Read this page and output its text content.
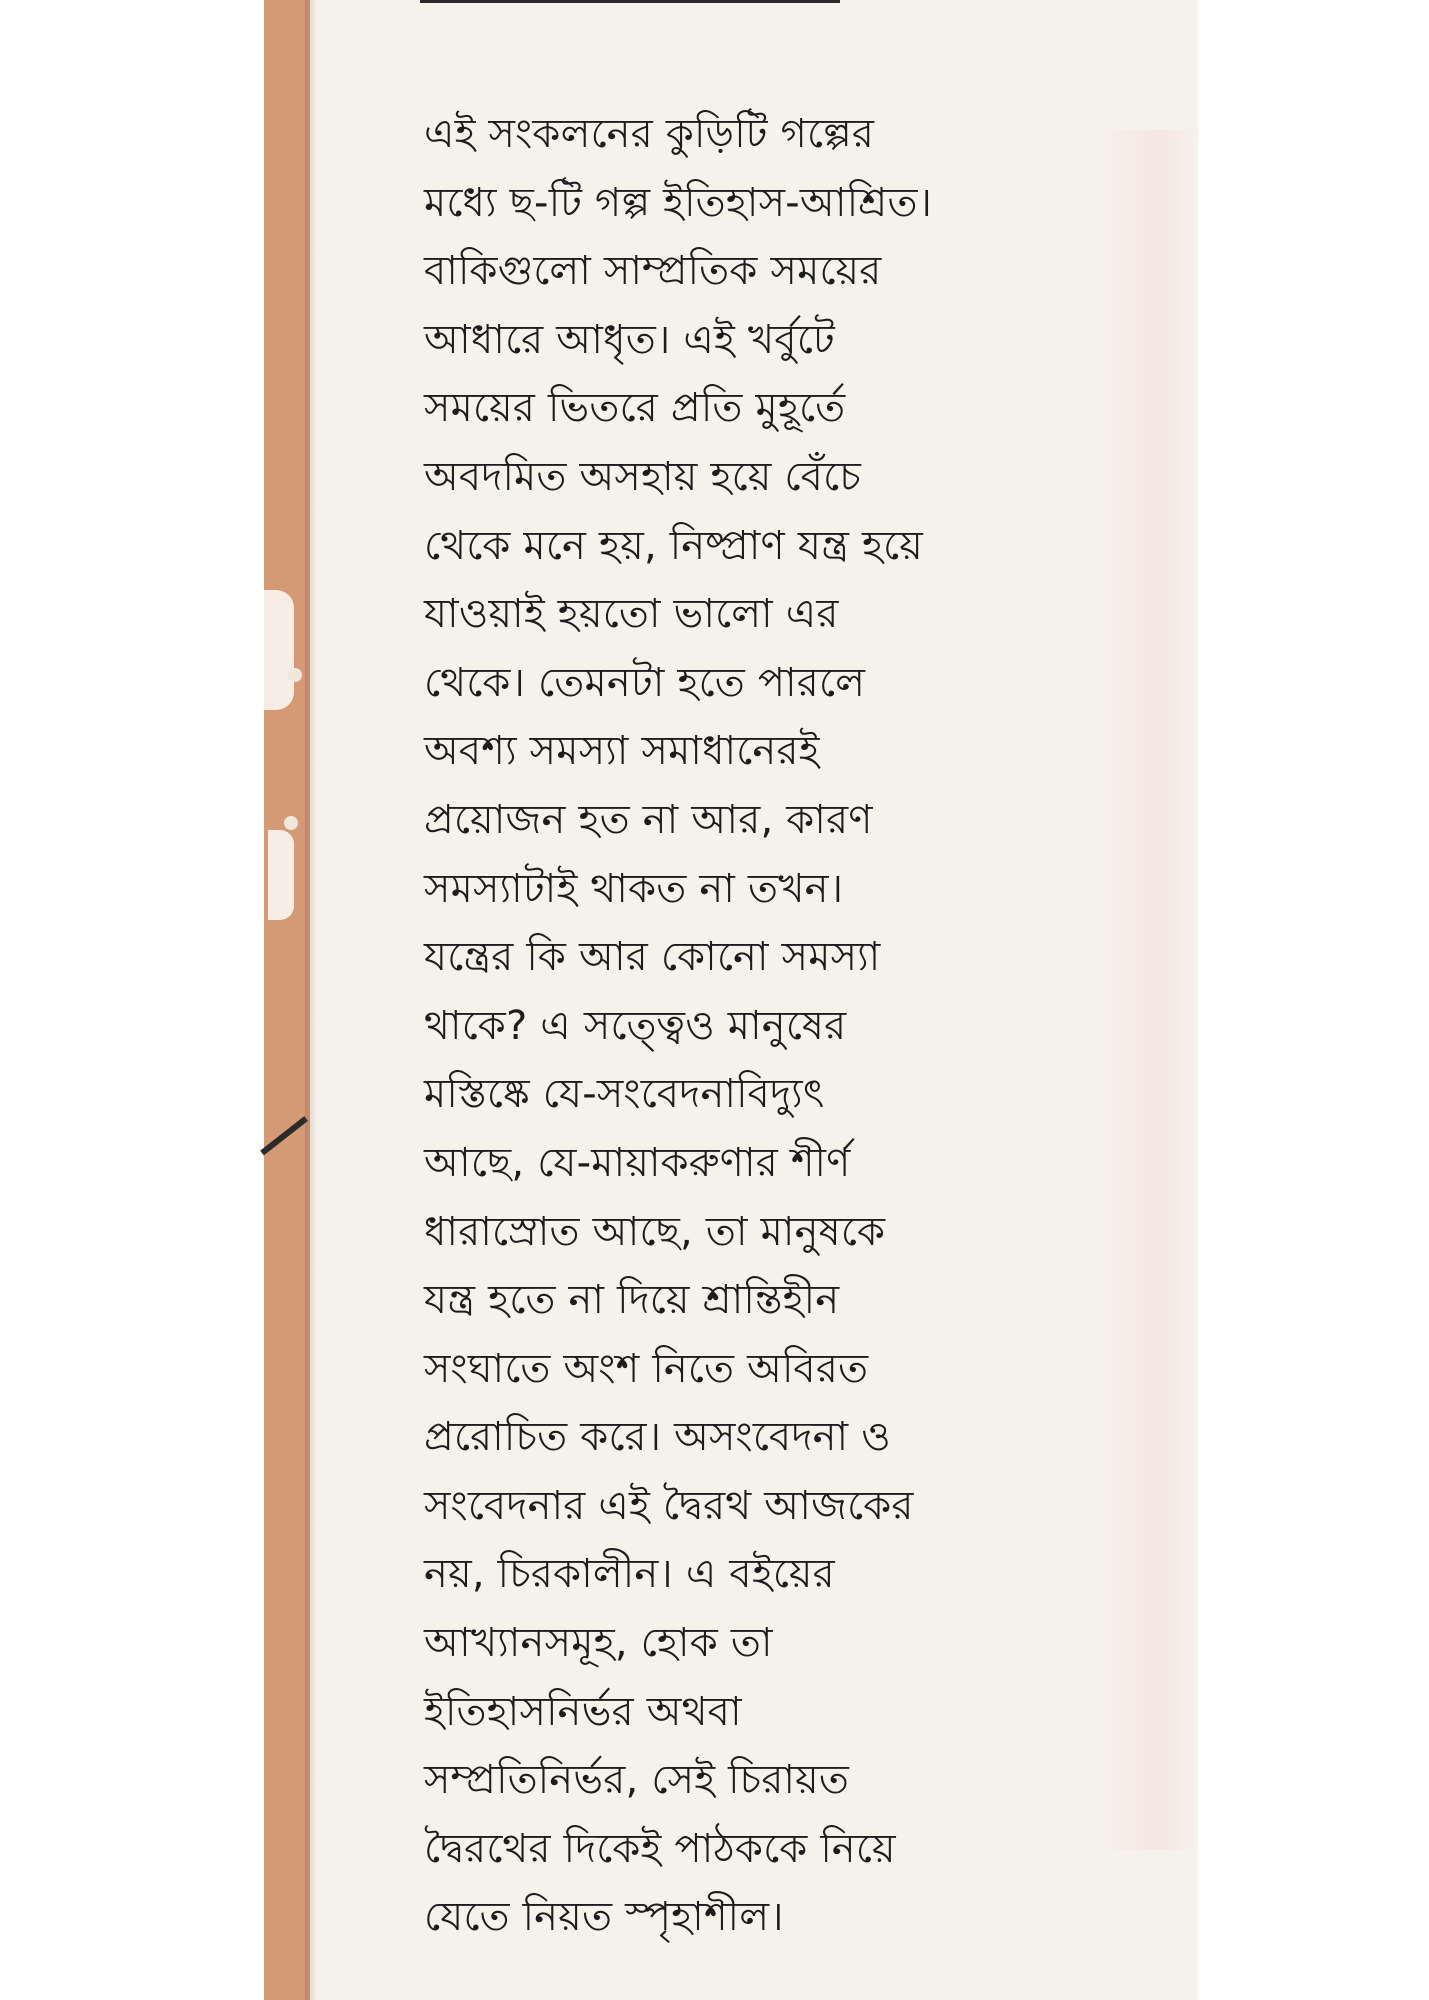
এই সংকলনের কুড়িটি গল্পের
মধ্যে ছ-টি গল্প ইতিহাস-আশ্রিত।
বাকিগুলো সাম্প্রতিক সময়ের
আধারে আধৃত। এই খর্বুটে
সময়ের ভিতরে প্রতি মুহূর্তে
অবদমিত অসহায় হয়ে বেঁচে
থেকে মনে হয়, নিষ্প্রাণ যন্ত্র হয়ে
যাওয়াই হয়তো ভালো এর
থেকে। তেমনটা হতে পারলে
অবশ্য সমস্যা সমাধানেরই
প্রয়োজন হত না আর, কারণ
সমস্যাটাই থাকত না তখন।
যন্ত্রের কি আর কোনো সমস্যা
থাকে? এ সত্ত্বেও মানুষের
মস্তিষ্কে যে-সংবেদনাবিদ্যুৎ
আছে, যে-মায়াকরুণার শীর্ণ
ধারাস্রোত আছে, তা মানুষকে
যন্ত্র হতে না দিয়ে শ্রান্তিহীন
সংঘাতে অংশ নিতে অবিরত
প্ররোচিত করে। অসংবেদনা ও
সংবেদনার এই দ্বৈরথ আজকের
নয়, চিরকালীন। এ বইয়ের
আখ্যানসমূহ, হোক তা
ইতিহাসনির্ভর অথবা
সম্প্রতিনির্ভর, সেই চিরায়ত
দ্বৈরথের দিকেই পাঠককে নিয়ে
যেতে নিয়ত স্পৃহাশীল।
